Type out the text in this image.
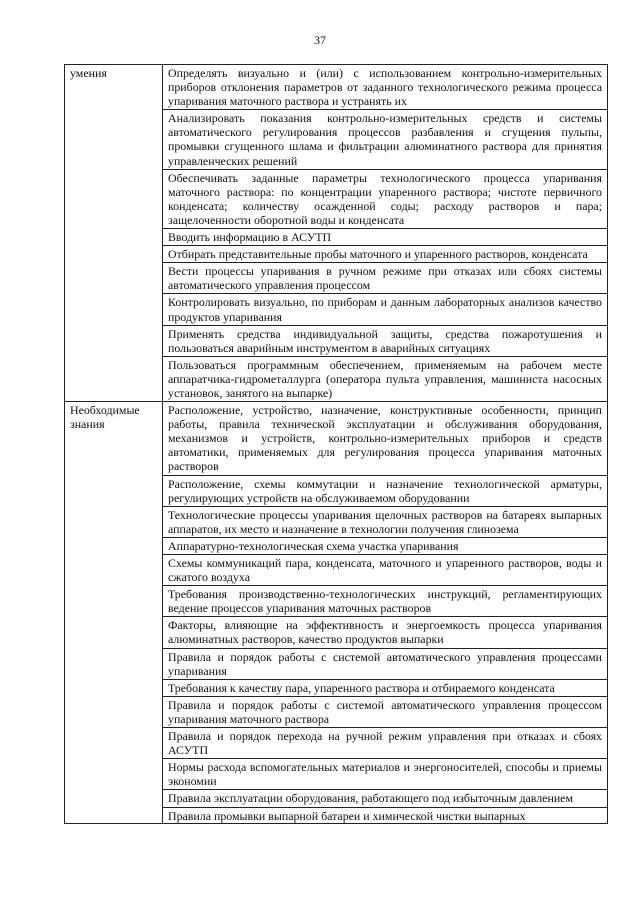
37
умения	Определять визуально и (или) с использованием контрольно-измерительных приборов отклонения параметров от заданного технологического режима процесса упаривания маточного раствора и устранять их
	Анализировать показания контрольно-измерительных средств и системы автоматического регулирования процессов разбавления и сгущения пульпы, промывки сгущенного шлама и фильтрации алюминатного раствора для принятия управленческих решений
	Обеспечивать заданные параметры технологического процесса упаривания маточного раствора: по концентрации упаренного раствора; чистоте первичного конденсата; количеству осажденной соды; расходу растворов и пара; защелоченности оборотной воды и конденсата
	Вводить информацию в АСУТП
	Отбирать представительные пробы маточного и упаренного растворов, конденсата
	Вести процессы упаривания в ручном режиме при отказах или сбоях системы автоматического управления процессом
	Контролировать визуально, по приборам и данным лабораторных анализов качество продуктов упаривания
	Применять средства индивидуальной защиты, средства пожаротушения и пользоваться аварийным инструментом в аварийных ситуациях
	Пользоваться программным обеспечением, применяемым на рабочем месте аппаратчика-гидрометаллурга (оператора пульта управления, машиниста насосных установок, занятого на выпарке)
Необходимые знания	Расположение, устройство, назначение, конструктивные особенности, принцип работы, правила технической эксплуатации и обслуживания оборудования, механизмов и устройств, контрольно-измерительных приборов и средств автоматики, применяемых для регулирования процесса упаривания маточных растворов
	Расположение, схемы коммутации и назначение технологической арматуры, регулирующих устройств на обслуживаемом оборудовании
	Технологические процессы упаривания щелочных растворов на батареях выпарных аппаратов, их место и назначение в технологии получения глинозема
	Аппаратурно-технологическая схема участка упаривания
	Схемы коммуникаций пара, конденсата, маточного и упаренного растворов, воды и сжатого воздуха
	Требования производственно-технологических инструкций, регламентирующих ведение процессов упаривания маточных растворов
	Факторы, влияющие на эффективность и энергоемкость процесса упаривания алюминатных растворов, качество продуктов выпарки
	Правила и порядок работы с системой автоматического управления процессами упаривания
	Требования к качеству пара, упаренного раствора и отбираемого конденсата
	Правила и порядок работы с системой автоматического управления процессом упаривания маточного раствора
	Правила и порядок перехода на ручной режим управления при отказах и сбоях АСУТП
	Нормы расхода вспомогательных материалов и энергоносителей, способы и приемы экономии
	Правила эксплуатации оборудования, работающего под избыточным давлением
	Правила промывки выпарной батареи и химической чистки выпарных
